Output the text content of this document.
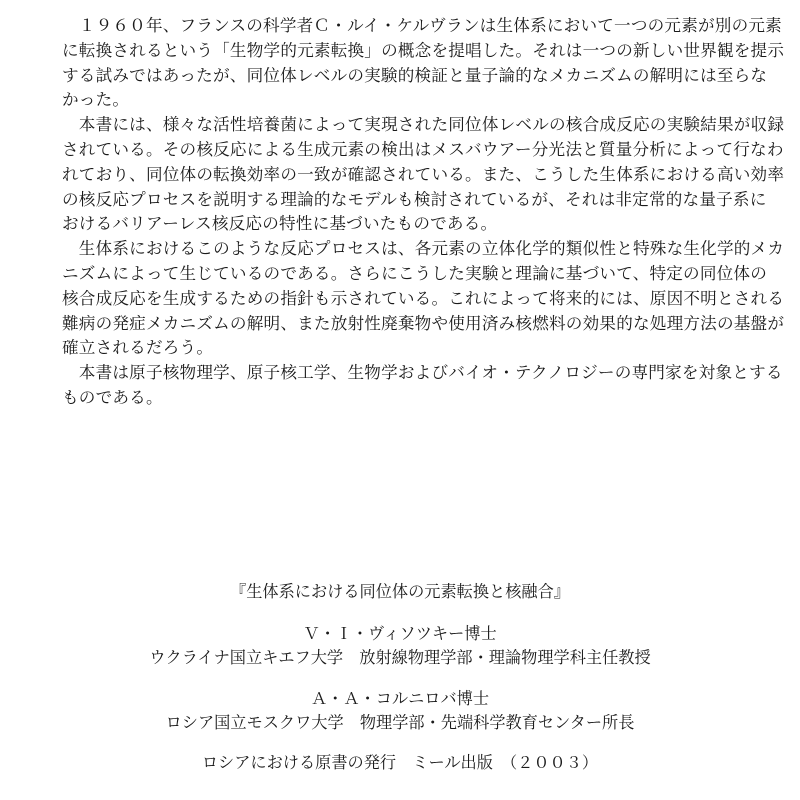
　１９６０年、フランスの科学者Ｃ・ルイ・ケルヴランは生体系において一つの元素が別の元素
に転換されるという「生物学的元素転換」の概念を提唱した。それは一つの新しい世界観を提示
する試みではあったが、同位体レベルの実験的検証と量子論的なメカニズムの解明には至らな
かった。
　本書には、様々な活性培養菌によって実現された同位体レベルの核合成反応の実験結果が収録
されている。その核反応による生成元素の検出はメスバウアー分光法と質量分析によって行なわ
れており、同位体の転換効率の一致が確認されている。また、こうした生体系における高い効率
の核反応プロセスを説明する理論的なモデルも検討されているが、それは非定常的な量子系に
おけるバリアーレス核反応の特性に基づいたものである。
　生体系におけるこのような反応プロセスは、各元素の立体化学的類似性と特殊な生化学的メカ
ニズムによって生じているのである。さらにこうした実験と理論に基づいて、特定の同位体の
核合成反応を生成するための指針も示されている。これによって将来的には、原因不明とされる
難病の発症メカニズムの解明、また放射性廃棄物や使用済み核燃料の効果的な処理方法の基盤が
確立されるだろう。
　本書は原子核物理学、原子核工学、生物学およびバイオ・テクノロジーの専門家を対象とする
ものである。
『生体系における同位体の元素転換と核融合』
Ｖ・Ｉ・ヴィソツキー博士
ウクライナ国立キエフ大学　放射線物理学部・理論物理学科主任教授
Ａ・Ａ・コルニロバ博士
ロシア国立モスクワ大学　物理学部・先端科学教育センター所長
ロシアにおける原書の発行　ミール出版　（２００３）
